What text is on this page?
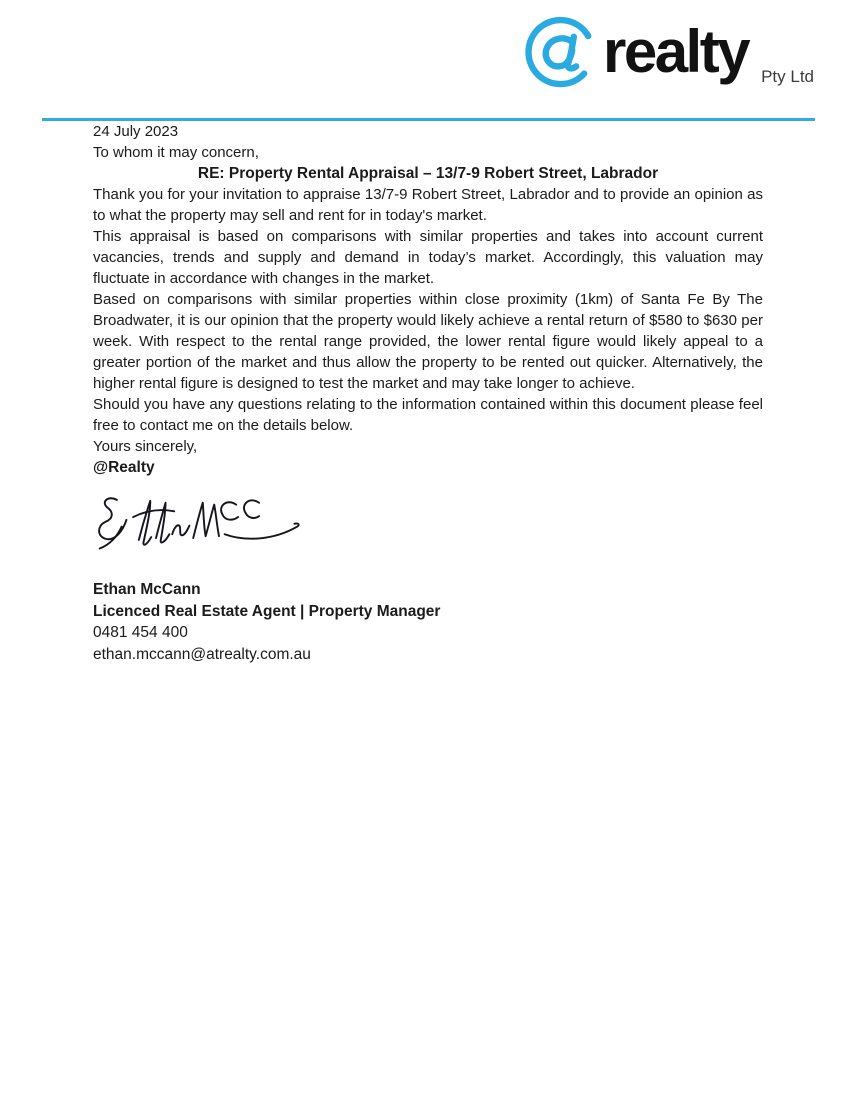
realty Pty Ltd

24 July 2023

To whom it may concern,

RE: Property Rental Appraisal – 13/7-9 Robert Street, Labrador

Thank you for your invitation to appraise 13/7-9 Robert Street, Labrador and to provide an opinion as to what the property may sell and rent for in today's market.

This appraisal is based on comparisons with similar properties and takes into account current vacancies, trends and supply and demand in today’s market. Accordingly, this valuation may fluctuate in accordance with changes in the market.

Based on comparisons with similar properties within close proximity (1km) of Santa Fe By The Broadwater, it is our opinion that the property would likely achieve a rental return of $580 to $630 per week. With respect to the rental range provided, the lower rental figure would likely appeal to a greater portion of the market and thus allow the property to be rented out quicker. Alternatively, the higher rental figure is designed to test the market and may take longer to achieve.

Should you have any questions relating to the information contained within this document please feel free to contact me on the details below.

Yours sincerely,

@Realty

Ethan McCann

Licenced Real Estate Agent | Property Manager

0481 454 400

ethan.mccann@atrealty.com.au
